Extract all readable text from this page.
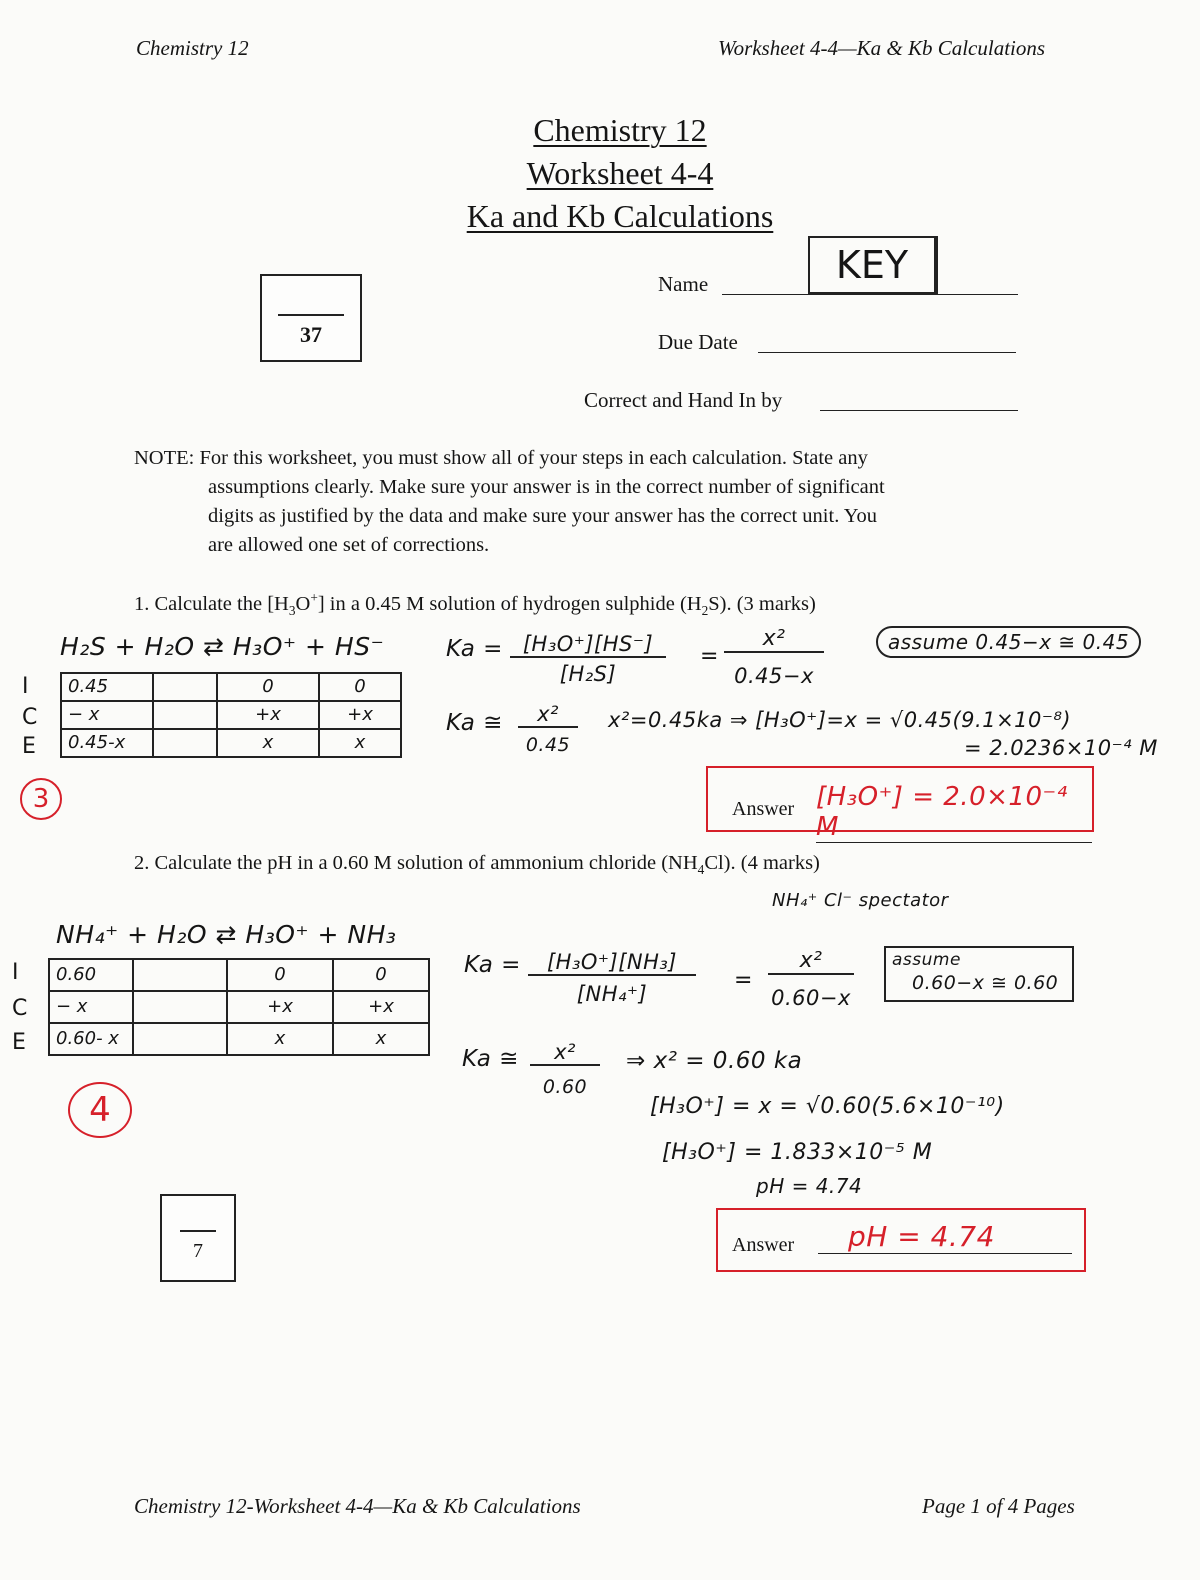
Chemistry 12	Worksheet 4-4—Ka & Kb Calculations
Chemistry 12
Worksheet 4-4
Ka and Kb Calculations
37
Name	KEY
Due Date
Correct and Hand In by
NOTE: For this worksheet, you must show all of your steps in each calculation. State any
assumptions clearly. Make sure your answer is in the correct number of significant
digits as justified by the data and make sure your answer has the correct unit. You
are allowed one set of corrections.
1. Calculate the $[H_3O^+]$ in a 0.45 M solution of hydrogen sulphide $(H_2S)$. (3 marks)
H₂S + H₂O ⇄ H₃O⁺ + HS⁻
I
C
E
0.45		0	0
− x		+x	+x
0.45-x		x	x
3
Ka = [H₃O⁺][HS⁻]
[H₂S]
=
x²
0.45−x
assume 0.45−x ≅ 0.45
Ka ≅	x²
0.45
x²=0.45ka ⇒ [H₃O⁺]=x = √0.45(9.1×10⁻⁸)
= 2.0236×10⁻⁴ M
Answer [H₃O⁺] = 2.0×10⁻⁴ M
2. Calculate the pH in a 0.60 M solution of ammonium chloride $(NH_4Cl)$. (4 marks)
NH₄⁺ Cl⁻ spectator
NH₄⁺ + H₂O ⇄ H₃O⁺ + NH₃
I
C
E
0.60		0	0
− x		+x	+x
0.60- x		x	x
4
Ka =	[H₃O⁺][NH₃]
[NH₄⁺]
=
x²
0.60−x
assume
0.60−x ≅ 0.60
Ka ≅	x²
0.60
⇒ x² = 0.60 ka
[H₃O⁺] = x = √0.60(5.6×10⁻¹⁰)
[H₃O⁺] = 1.833×10⁻⁵ M
pH = 4.74
Answer	pH = 4.74
7
Chemistry 12-Worksheet 4-4—Ka & Kb Calculations	Page 1 of 4 Pages
